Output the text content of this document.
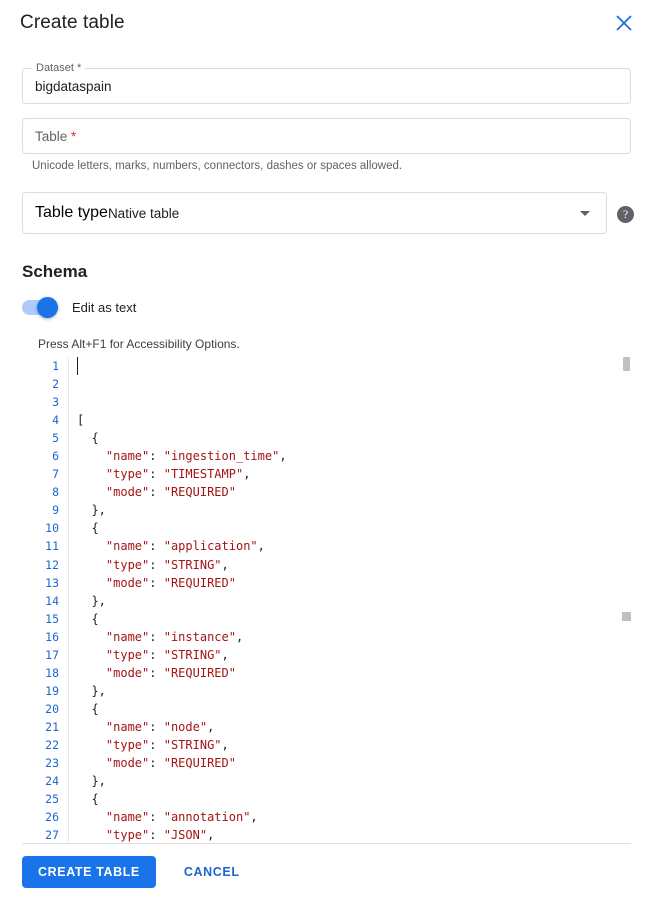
Create table
Dataset *
bigdataspain
Table *
Unicode letters, marks, numbers, connectors, dashes or spaces allowed.
Table type Native table	?
Schema
Edit as text
Press Alt+F1 for Accessibility Options.
1
2
3
4
5
6
7
8
9
10
11
12
13
14
15
16
17
18
19
20
21
22
23
24
25
26
27

[
{
"name": "ingestion_time",
"type": "TIMESTAMP",
"mode": "REQUIRED"
},
{
"name": "application",
"type": "STRING",
"mode": "REQUIRED"
},
{
"name": "instance",
"type": "STRING",
"mode": "REQUIRED"
},
{
"name": "node",
"type": "STRING",
"mode": "REQUIRED"
},
{
"name": "annotation",
"type": "JSON",

CREATE TABLE	CANCEL
